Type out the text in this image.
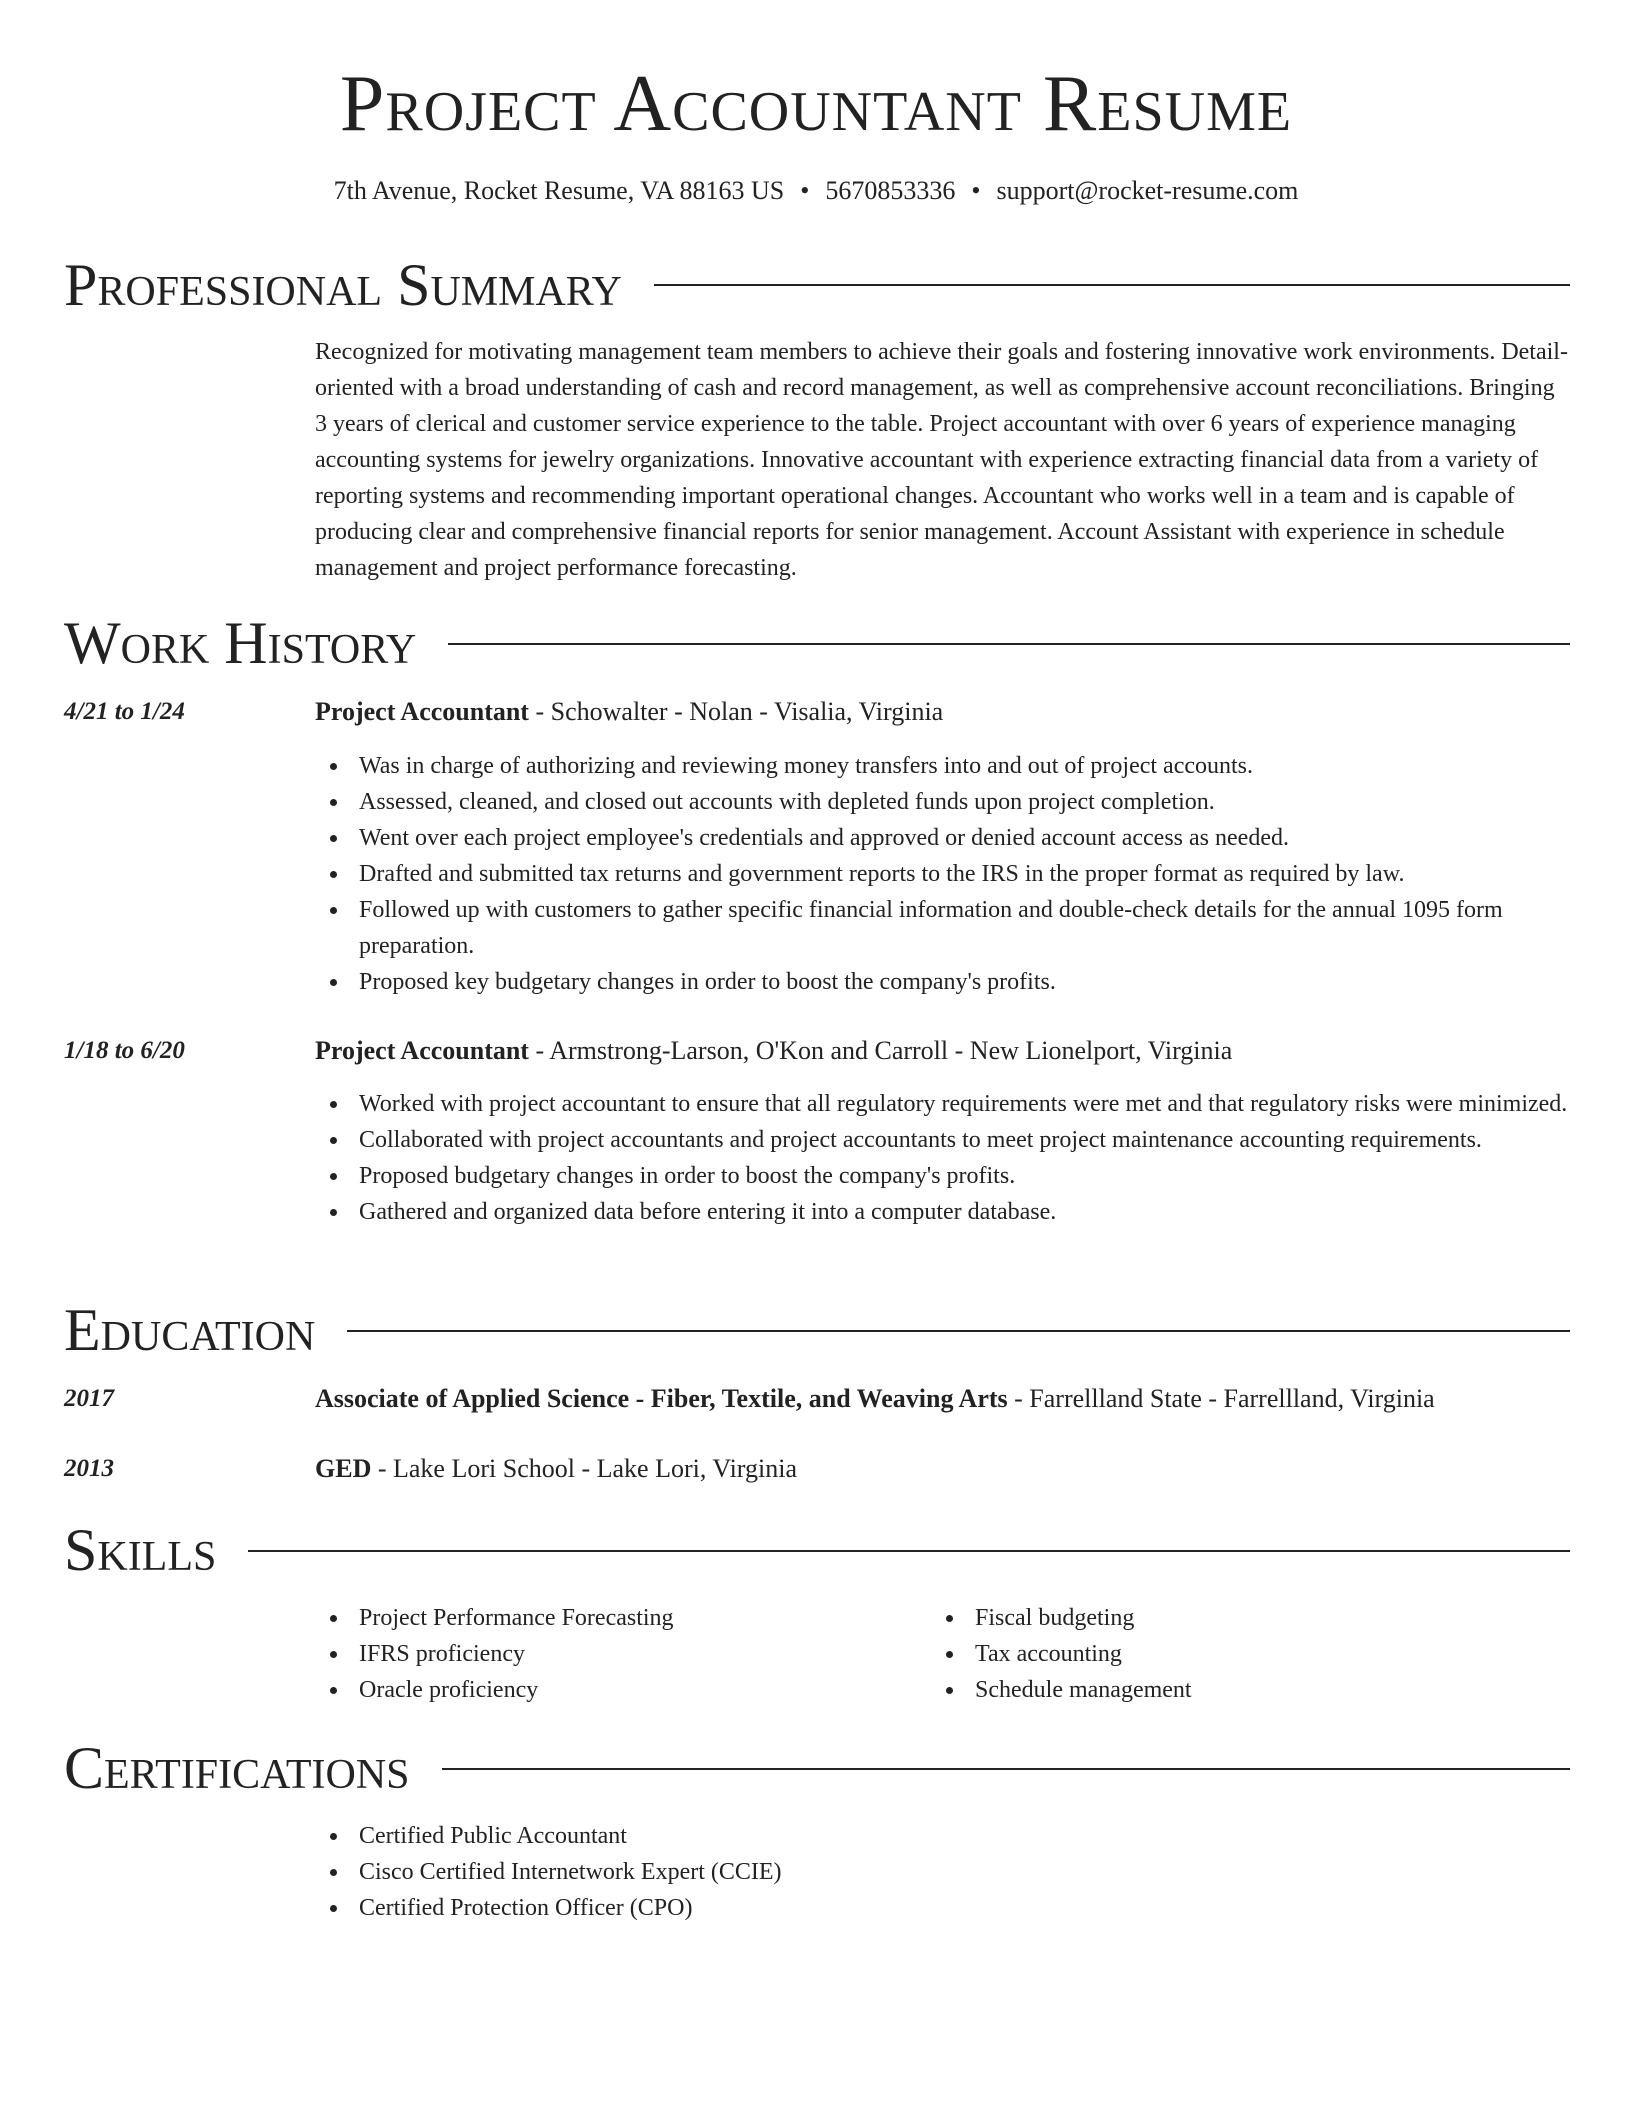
Project Accountant Resume
7th Avenue, Rocket Resume, VA 88163 US • 5670853336 • support@rocket-resume.com
Professional Summary

Recognized for motivating management team members to achieve their goals and fostering innovative work environments. Detail-oriented with a broad understanding of cash and record management, as well as comprehensive account reconciliations. Bringing 3 years of clerical and customer service experience to the table. Project accountant with over 6 years of experience managing accounting systems for jewelry organizations. Innovative accountant with experience extracting financial data from a variety of reporting systems and recommending important operational changes. Accountant who works well in a team and is capable of producing clear and comprehensive financial reports for senior management. Account Assistant with experience in schedule management and project performance forecasting.

Work History
4/21 to 1/24	Project Accountant - Schowalter - Nolan - Visalia, Virginia
Was in charge of authorizing and reviewing money transfers into and out of project accounts.
Assessed, cleaned, and closed out accounts with depleted funds upon project completion.
Went over each project employee's credentials and approved or denied account access as needed.
Drafted and submitted tax returns and government reports to the IRS in the proper format as required by law.
Followed up with customers to gather specific financial information and double-check details for the annual 1095 form preparation.
Proposed key budgetary changes in order to boost the company's profits.
1/18 to 6/20	Project Accountant - Armstrong-Larson, O'Kon and Carroll - New Lionelport, Virginia
Worked with project accountant to ensure that all regulatory requirements were met and that regulatory risks were minimized.
Collaborated with project accountants and project accountants to meet project maintenance accounting requirements.
Proposed budgetary changes in order to boost the company's profits.
Gathered and organized data before entering it into a computer database.
Education
2017	Associate of Applied Science - Fiber, Textile, and Weaving Arts - Farrellland State - Farrellland, Virginia
2013	GED - Lake Lori School - Lake Lori, Virginia
Skills
Project Performance Forecasting
IFRS proficiency
Oracle proficiency
Fiscal budgeting
Tax accounting
Schedule management
Certifications
Certified Public Accountant
Cisco Certified Internetwork Expert (CCIE)
Certified Protection Officer (CPO)
